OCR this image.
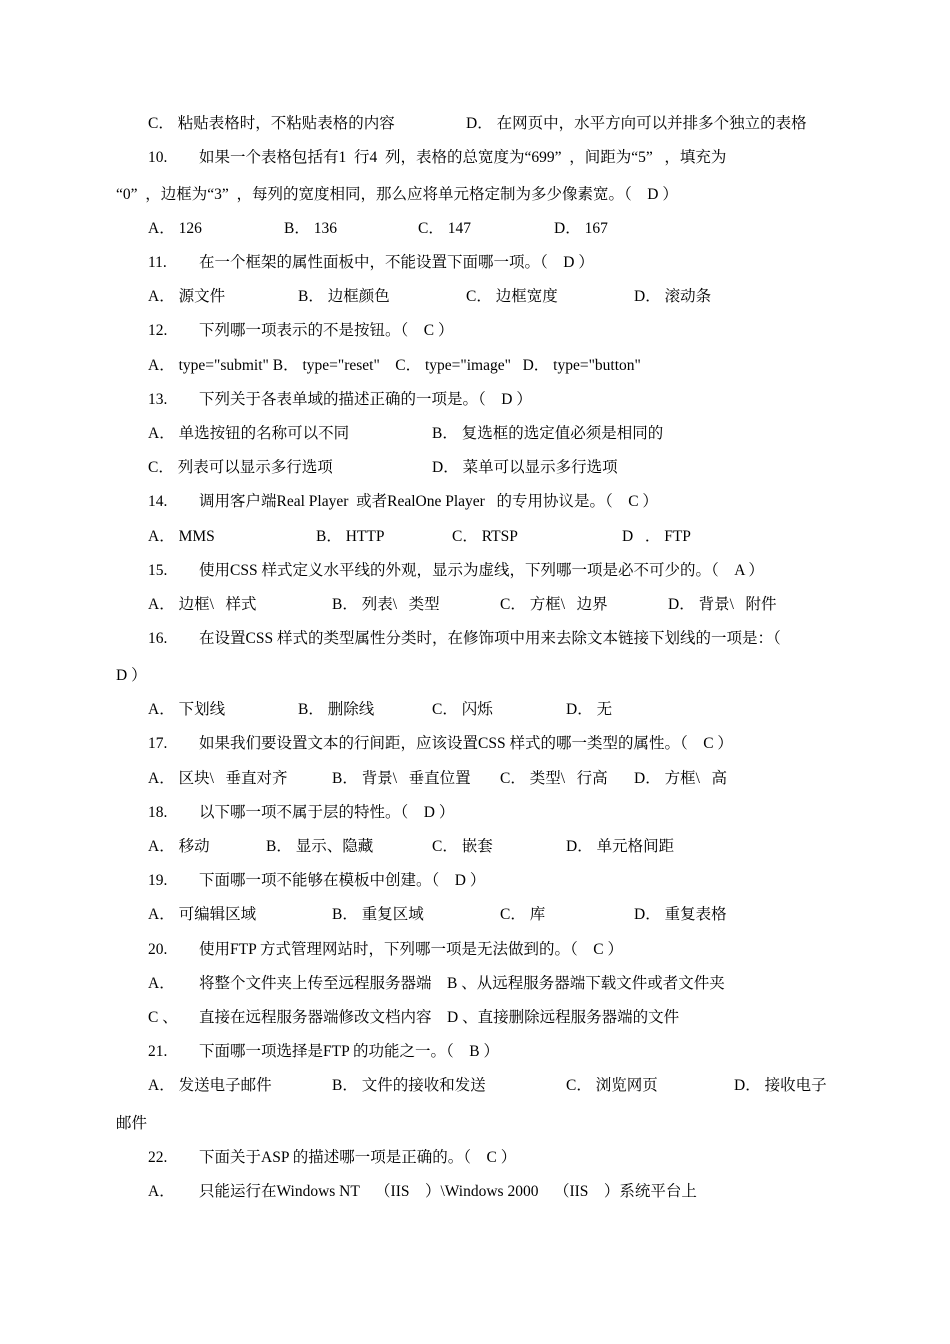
C． 粘贴表格时，不粘贴表格的内容	D． 在网页中，水平方向可以并排多个独立的表格
10. 如果一个表格包括有1  行4  列，表格的总宽度为“699”  ，间距为“5”   ，填充为
“0”  ，边框为“3”  ，每列的宽度相同，那么应将单元格定制为多少像素宽。（    D ）
A． 126	B． 136	C． 147	D． 167
11. 在一个框架的属性面板中，不能设置下面哪一项。（    D ）
A． 源文件	B． 边框颜色	C． 边框宽度	D． 滚动条
12. 下列哪一项表示的不是按钮。（    C ）
A． type="submit" B． type="reset"    C． type="image"   D． type="button"
13. 下列关于各表单域的描述正确的一项是。（    D ）
A． 单选按钮的名称可以不同	B． 复选框的选定值必须是相同的
C． 列表可以显示多行选项	D． 菜单可以显示多行选项
14. 调用客户端Real Player  或者RealOne Player   的专用协议是。（    C ）
A． MMS	B． HTTP	C． RTSP	D   ． FTP
15. 使用CSS 样式定义水平线的外观，显示为虚线，下列哪一项是必不可少的。（    A ）
A． 边框\   样式	B． 列表\   类型	C． 方框\   边界	D． 背景\   附件
16. 在设置CSS 样式的类型属性分类时，在修饰项中用来去除文本链接下划线的一项是：（
D ）
A． 下划线	B． 删除线	C． 闪烁	D． 无
17. 如果我们要设置文本的行间距，应该设置CSS 样式的哪一类型的属性。（    C ）
A． 区块\   垂直对齐	B． 背景\   垂直位置 C． 类型\   行高 D． 方框\   高
18. 以下哪一项不属于层的特性。（    D ）
A． 移动	B． 显示、隐藏	C． 嵌套	D． 单元格间距
19. 下面哪一项不能够在模板中创建。（    D ）
A． 可编辑区域	B． 重复区域	C． 库	D． 重复表格
20. 使用FTP 方式管理网站时，下列哪一项是无法做到的。（    C ）
A． 将整个文件夹上传至远程服务器端    B 、从远程服务器端下载文件或者文件夹
C 、 直接在远程服务器端修改文档内容    D 、直接删除远程服务器端的文件
21. 下面哪一项选择是FTP 的功能之一。（    B ）
A． 发送电子邮件	B． 文件的接收和发送	C． 浏览网页	D． 接收电子
邮件
22. 下面关于ASP 的描述哪一项是正确的。（    C ）
A． 只能运行在Windows NT    （IIS    ）\Windows 2000    （IIS    ）系统平台上
